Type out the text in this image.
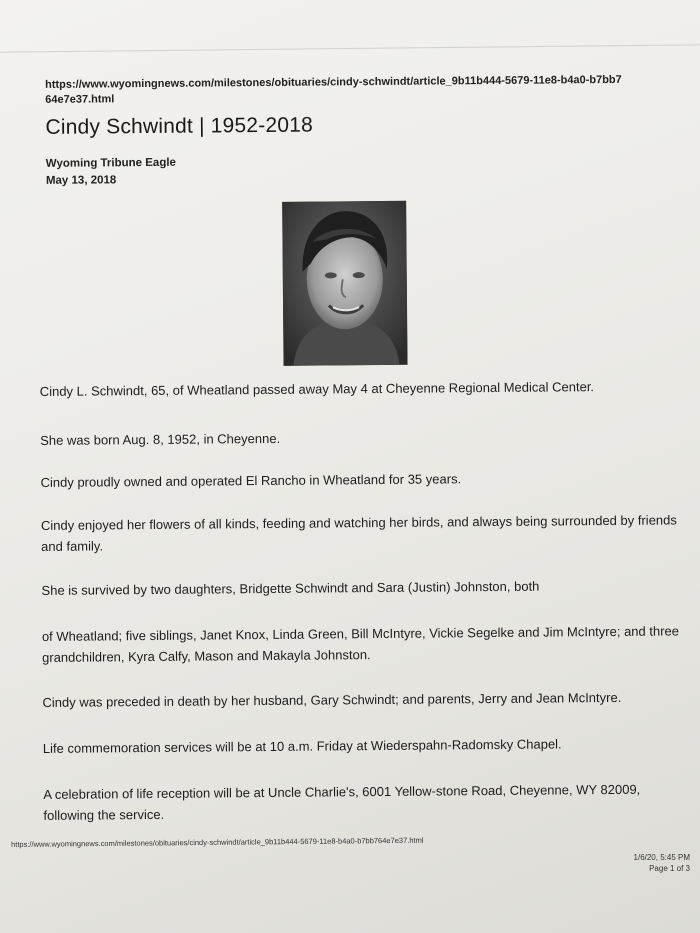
https://www.wyomingnews.com/milestones/obituaries/cindy-schwindt/article_9b11b444-5679-11e8-b4a0-b7bb764e7e37.html
Cindy Schwindt | 1952-2018
Wyoming Tribune Eagle
May 13, 2018
Cindy L. Schwindt, 65, of Wheatland passed away May 4 at Cheyenne Regional Medical Center.
She was born Aug. 8, 1952, in Cheyenne.
Cindy proudly owned and operated El Rancho in Wheatland for 35 years.
Cindy enjoyed her flowers of all kinds, feeding and watching her birds, and always being surrounded by friends and family.
She is survived by two daughters, Bridgette Schwindt and Sara (Justin) Johnston, both
of Wheatland; five siblings, Janet Knox, Linda Green, Bill McIntyre, Vickie Segelke and Jim McIntyre; and three grandchildren, Kyra Calfy, Mason and Makayla Johnston.
Cindy was preceded in death by her husband, Gary Schwindt; and parents, Jerry and Jean McIntyre.
Life commemoration services will be at 10 a.m. Friday at Wiederspahn-Radomsky Chapel.
A celebration of life reception will be at Uncle Charlie's, 6001 Yellow-stone Road, Cheyenne, WY 82009, following the service.
https://www.wyomingnews.com/milestones/obituaries/cindy-schwindt/article_9b11b444-5679-11e8-b4a0-b7bb764e7e37.html
1/6/20, 5:45 PM
Page 1 of 3
